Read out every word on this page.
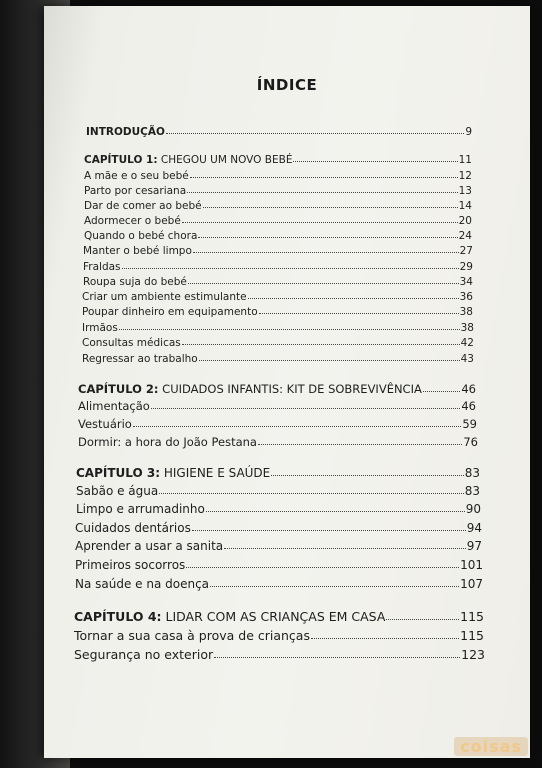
ÍNDICE
INTRODUÇÃO	9
CAPÍTULO 1: CHEGOU UM NOVO BEBÉ	11
A mãe e o seu bebé	12
Parto por cesariana	13
Dar de comer ao bebé	14
Adormecer o bebé	20
Quando o bebé chora	24
Manter o bebé limpo	27
Fraldas	29
Roupa suja do bebé	34
Criar um ambiente estimulante	36
Poupar dinheiro em equipamento	38
Irmãos	38
Consultas médicas	42
Regressar ao trabalho	43
CAPÍTULO 2: CUIDADOS INFANTIS: KIT DE SOBREVIVÊNCIA	46
Alimentação	46
Vestuário	59
Dormir: a hora do João Pestana	76
CAPÍTULO 3: HIGIENE E SAÚDE	83
Sabão e água	83
Limpo e arrumadinho	90
Cuidados dentários	94
Aprender a usar a sanita	97
Primeiros socorros	101
Na saúde e na doença	107
CAPÍTULO 4: LIDAR COM AS CRIANÇAS EM CASA	115
Tornar a sua casa à prova de crianças	115
Segurança no exterior	123
coisas
